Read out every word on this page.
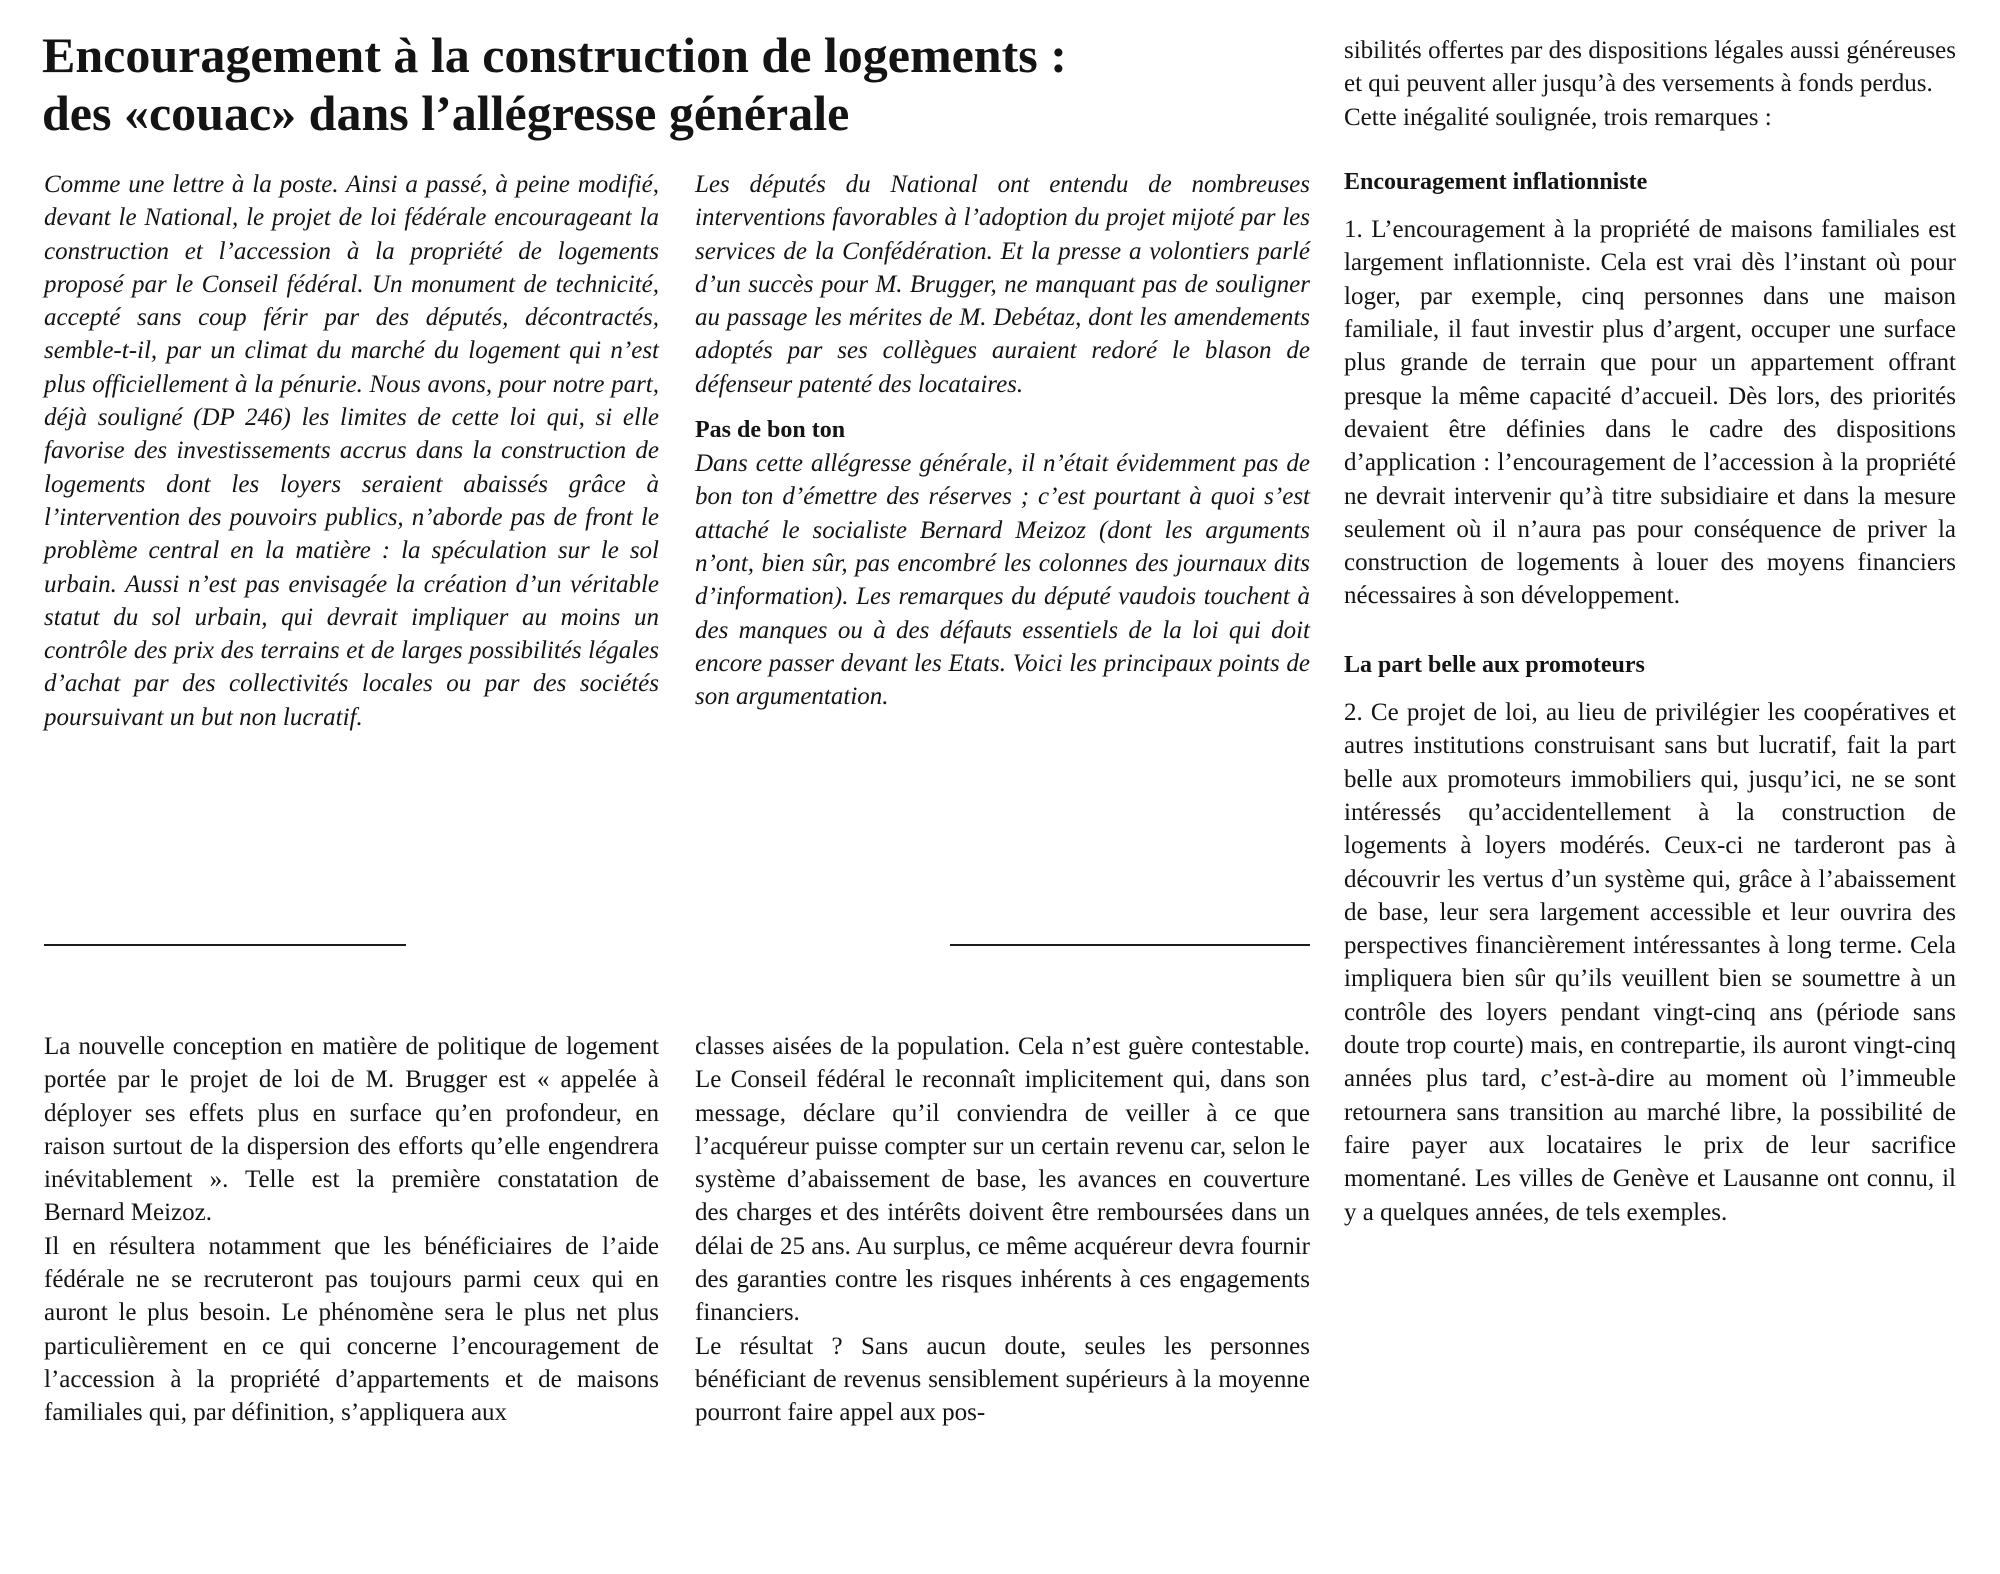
Encouragement à la construction de logements :
des «couac» dans l’allégresse générale

Comme une lettre à la poste. Ainsi a passé, à peine modifié, devant le National, le projet de loi fédérale encourageant la construction et l’accession à la propriété de logements proposé par le Conseil fédéral. Un monument de technicité, accepté sans coup férir par des députés, décontractés, semble-t-il, par un climat du marché du logement qui n’est plus officiellement à la pénurie. Nous avons, pour notre part, déjà souligné (DP 246) les limites de cette loi qui, si elle favorise des investissements accrus dans la construction de logements dont les loyers seraient abaissés grâce à l’intervention des pouvoirs publics, n’aborde pas de front le problème central en la matière : la spéculation sur le sol urbain. Aussi n’est pas envisagée la création d’un véritable statut du sol urbain, qui devrait impliquer au moins un contrôle des prix des terrains et de larges possibilités légales d’achat par des collectivités locales ou par des sociétés poursuivant un but non lucratif.

Les députés du National ont entendu de nombreuses interventions favorables à l’adoption du projet mijoté par les services de la Confédération. Et la presse a volontiers parlé d’un succès pour M. Brugger, ne manquant pas de souligner au passage les mérites de M. Debétaz, dont les amendements adoptés par ses collègues auraient redoré le blason de défenseur patenté des locataires.

Pas de bon ton

Dans cette allégresse générale, il n’était évidemment pas de bon ton d’émettre des réserves ; c’est pourtant à quoi s’est attaché le socialiste Bernard Meizoz (dont les arguments n’ont, bien sûr, pas encombré les colonnes des journaux dits d’information). Les remarques du député vaudois touchent à des manques ou à des défauts essentiels de la loi qui doit encore passer devant les Etats. Voici les principaux points de son argumentation.

La nouvelle conception en matière de politique de logement portée par le projet de loi de M. Brugger est « appelée à déployer ses effets plus en surface qu’en profondeur, en raison surtout de la dispersion des efforts qu’elle engendrera inévitablement ». Telle est la première constatation de Bernard Meizoz.

Il en résultera notamment que les bénéficiaires de l’aide fédérale ne se recruteront pas toujours parmi ceux qui en auront le plus besoin. Le phénomène sera le plus net plus particulièrement en ce qui concerne l’encouragement de l’accession à la propriété d’appartements et de maisons familiales qui, par définition, s’appliquera aux

classes aisées de la population. Cela n’est guère contestable. Le Conseil fédéral le reconnaît implicitement qui, dans son message, déclare qu’il conviendra de veiller à ce que l’acquéreur puisse compter sur un certain revenu car, selon le système d’abaissement de base, les avances en couverture des charges et des intérêts doivent être remboursées dans un délai de 25 ans. Au surplus, ce même acquéreur devra fournir des garanties contre les risques inhérents à ces engagements financiers.

Le résultat ? Sans aucun doute, seules les personnes bénéficiant de revenus sensiblement supérieurs à la moyenne pourront faire appel aux pos-

sibilités offertes par des dispositions légales aussi généreuses et qui peuvent aller jusqu’à des versements à fonds perdus.

Cette inégalité soulignée, trois remarques :

Encouragement inflationniste

1. L’encouragement à la propriété de maisons familiales est largement inflationniste. Cela est vrai dès l’instant où pour loger, par exemple, cinq personnes dans une maison familiale, il faut investir plus d’argent, occuper une surface plus grande de terrain que pour un appartement offrant presque la même capacité d’accueil. Dès lors, des priorités devaient être définies dans le cadre des dispositions d’application : l’encouragement de l’accession à la propriété ne devrait intervenir qu’à titre subsidiaire et dans la mesure seulement où il n’aura pas pour conséquence de priver la construction de logements à louer des moyens financiers nécessaires à son développement.

La part belle aux promoteurs

2. Ce projet de loi, au lieu de privilégier les coopératives et autres institutions construisant sans but lucratif, fait la part belle aux promoteurs immobiliers qui, jusqu’ici, ne se sont intéressés qu’accidentellement à la construction de logements à loyers modérés. Ceux-ci ne tarderont pas à découvrir les vertus d’un système qui, grâce à l’abaissement de base, leur sera largement accessible et leur ouvrira des perspectives financièrement intéressantes à long terme. Cela impliquera bien sûr qu’ils veuillent bien se soumettre à un contrôle des loyers pendant vingt-cinq ans (période sans doute trop courte) mais, en contrepartie, ils auront vingt-cinq années plus tard, c’est-à-dire au moment où l’immeuble retournera sans transition au marché libre, la possibilité de faire payer aux locataires le prix de leur sacrifice momentané. Les villes de Genève et Lausanne ont connu, il y a quelques années, de tels exemples.
